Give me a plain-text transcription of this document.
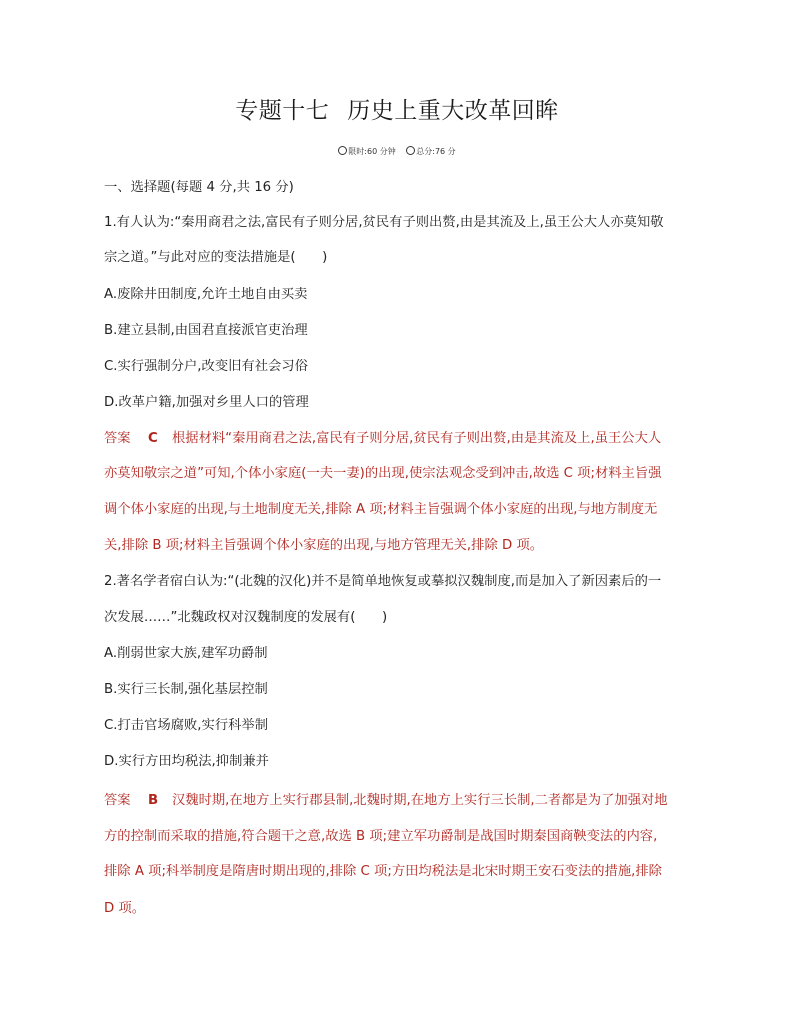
专题十七 历史上重大改革回眸
限时:60 分钟	总分:76 分
一、选择题(每题 4 分,共 16 分)
1.有人认为:“秦用商君之法,富民有子则分居,贫民有子则出赘,由是其流及上,虽王公大人亦莫知敬
宗之道。”与此对应的变法措施是(　　)
A.废除井田制度,允许土地自由买卖
B.建立县制,由国君直接派官吏治理
C.实行强制分户,改变旧有社会习俗
D.改革户籍,加强对乡里人口的管理
答案 C 根据材料“秦用商君之法,富民有子则分居,贫民有子则出赘,由是其流及上,虽王公大人
亦莫知敬宗之道”可知,个体小家庭(一夫一妻)的出现,使宗法观念受到冲击,故选 C 项;材料主旨强
调个体小家庭的出现,与土地制度无关,排除 A 项;材料主旨强调个体小家庭的出现,与地方制度无
关,排除 B 项;材料主旨强调个体小家庭的出现,与地方管理无关,排除 D 项。
2.著名学者宿白认为:“(北魏的汉化)并不是简单地恢复或摹拟汉魏制度,而是加入了新因素后的一
次发展……”北魏政权对汉魏制度的发展有(　　)
A.削弱世家大族,建军功爵制
B.实行三长制,强化基层控制
C.打击官场腐败,实行科举制
D.实行方田均税法,抑制兼并
答案 B 汉魏时期,在地方上实行郡县制,北魏时期,在地方上实行三长制,二者都是为了加强对地
方的控制而采取的措施,符合题干之意,故选 B 项;建立军功爵制是战国时期秦国商鞅变法的内容,
排除 A 项;科举制度是隋唐时期出现的,排除 C 项;方田均税法是北宋时期王安石变法的措施,排除
D 项。
